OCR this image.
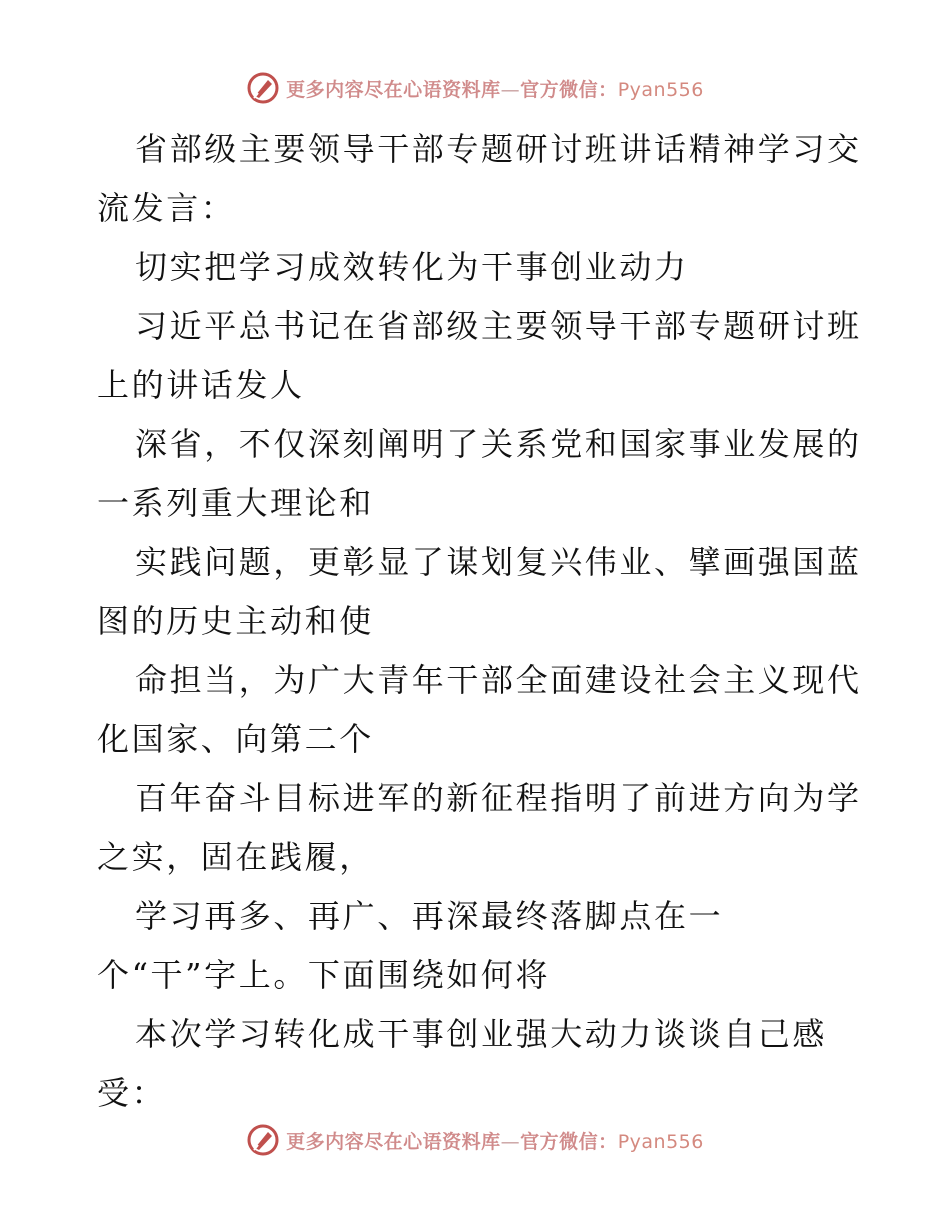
更多内容尽在心语资料库—官方微信：Pyan556
省部级主要领导干部专题研讨班讲话精神学习交
流发言：
切实把学习成效转化为干事创业动力
习近平总书记在省部级主要领导干部专题研讨班
上的讲话发人
深省，不仅深刻阐明了关系党和国家事业发展的
一系列重大理论和
实践问题，更彰显了谋划复兴伟业、擘画强国蓝
图的历史主动和使
命担当，为广大青年干部全面建设社会主义现代
化国家、向第二个
百年奋斗目标进军的新征程指明了前进方向为学
之实，固在践履，
学习再多、再广、再深最终落脚点在一
个“干”字上。下面围绕如何将
本次学习转化成干事创业强大动力谈谈自己感
受：
更多内容尽在心语资料库—官方微信：Pyan556
